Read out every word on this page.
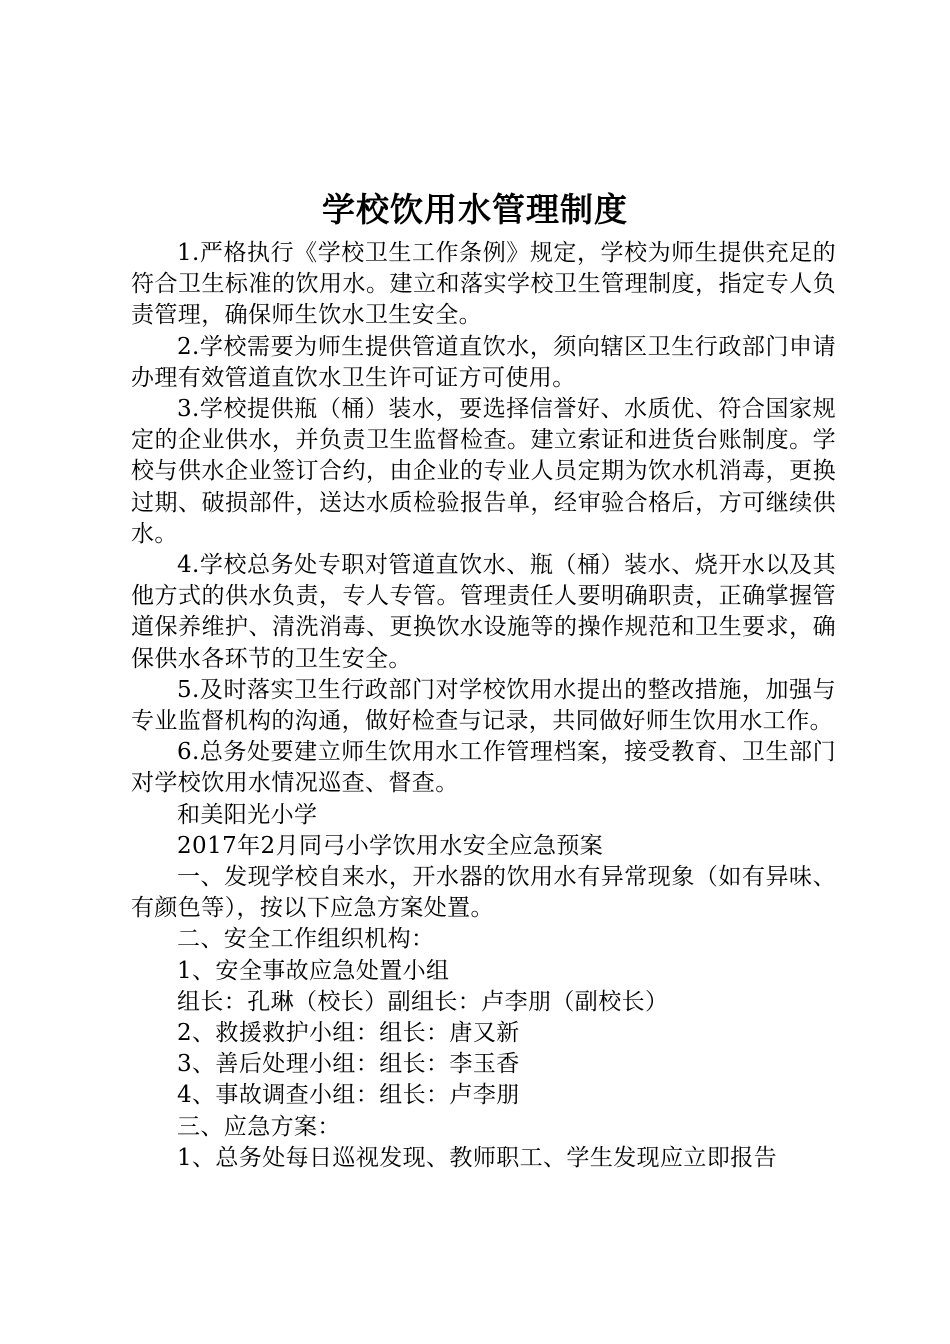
学校饮用水管理制度

1.严格执行《学校卫生工作条例》规定，学校为师生提供充足的符合卫生标准的饮用水。建立和落实学校卫生管理制度，指定专人负责管理，确保师生饮水卫生安全。

2.学校需要为师生提供管道直饮水，须向辖区卫生行政部门申请办理有效管道直饮水卫生许可证方可使用。

3.学校提供瓶（桶）装水，要选择信誉好、水质优、符合国家规定的企业供水，并负责卫生监督检查。建立索证和进货台账制度。学校与供水企业签订合约，由企业的专业人员定期为饮水机消毒，更换过期、破损部件，送达水质检验报告单，经审验合格后，方可继续供水。

4.学校总务处专职对管道直饮水、瓶（桶）装水、烧开水以及其他方式的供水负责，专人专管。管理责任人要明确职责，正确掌握管道保养维护、清洗消毒、更换饮水设施等的操作规范和卫生要求，确保供水各环节的卫生安全。

5.及时落实卫生行政部门对学校饮用水提出的整改措施，加强与专业监督机构的沟通，做好检查与记录，共同做好师生饮用水工作。

6.总务处要建立师生饮用水工作管理档案，接受教育、卫生部门对学校饮用水情况巡查、督查。

和美阳光小学

2017年2月同弓小学饮用水安全应急预案

一、发现学校自来水，开水器的饮用水有异常现象（如有异味、有颜色等），按以下应急方案处置。

二、安全工作组织机构：

1、安全事故应急处置小组

组长：孔琳（校长）副组长：卢李朋（副校长）

2、救援救护小组：组长：唐又新

3、善后处理小组：组长：李玉香

4、事故调查小组：组长：卢李朋

三、应急方案：

1、总务处每日巡视发现、教师职工、学生发现应立即报告
